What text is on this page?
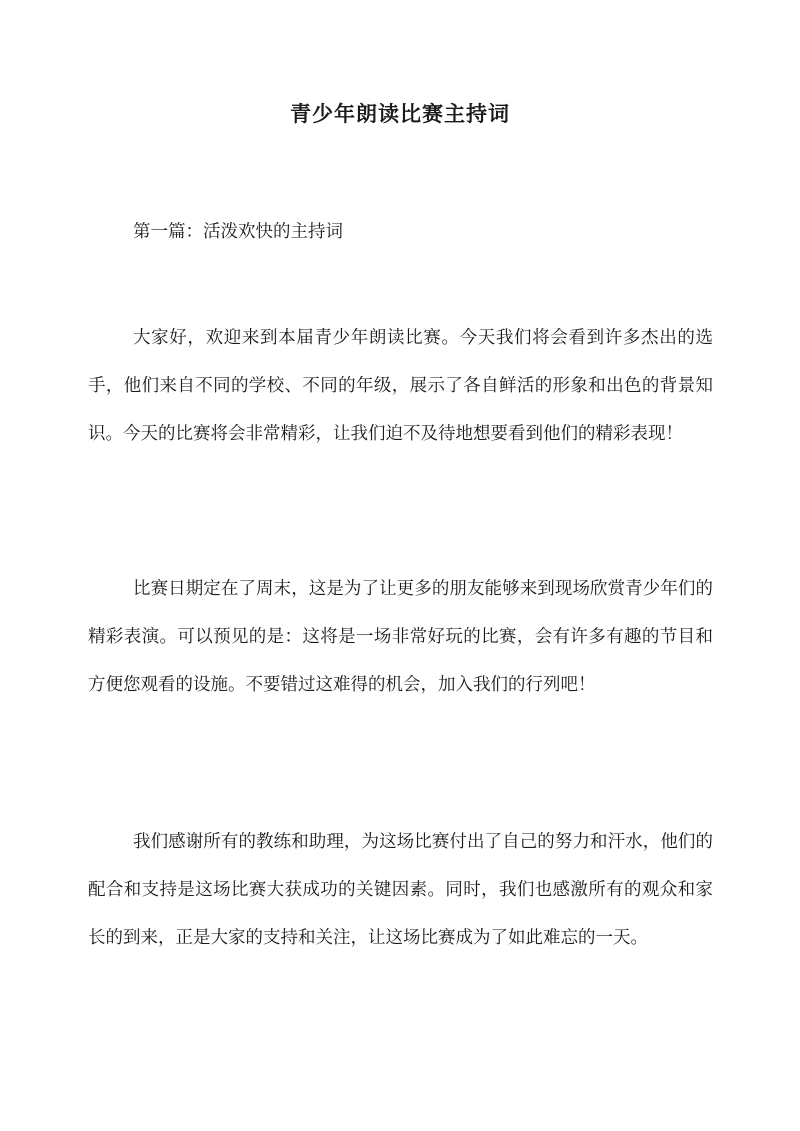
青少年朗读比赛主持词

第一篇：活泼欢快的主持词

大家好，欢迎来到本届青少年朗读比赛。今天我们将会看到许多杰出的选手，他们来自不同的学校、不同的年级，展示了各自鲜活的形象和出色的背景知识。今天的比赛将会非常精彩，让我们迫不及待地想要看到他们的精彩表现！

比赛日期定在了周末，这是为了让更多的朋友能够来到现场欣赏青少年们的精彩表演。可以预见的是：这将是一场非常好玩的比赛，会有许多有趣的节目和方便您观看的设施。不要错过这难得的机会，加入我们的行列吧！

我们感谢所有的教练和助理，为这场比赛付出了自己的努力和汗水，他们的配合和支持是这场比赛大获成功的关键因素。同时，我们也感激所有的观众和家长的到来，正是大家的支持和关注，让这场比赛成为了如此难忘的一天。
